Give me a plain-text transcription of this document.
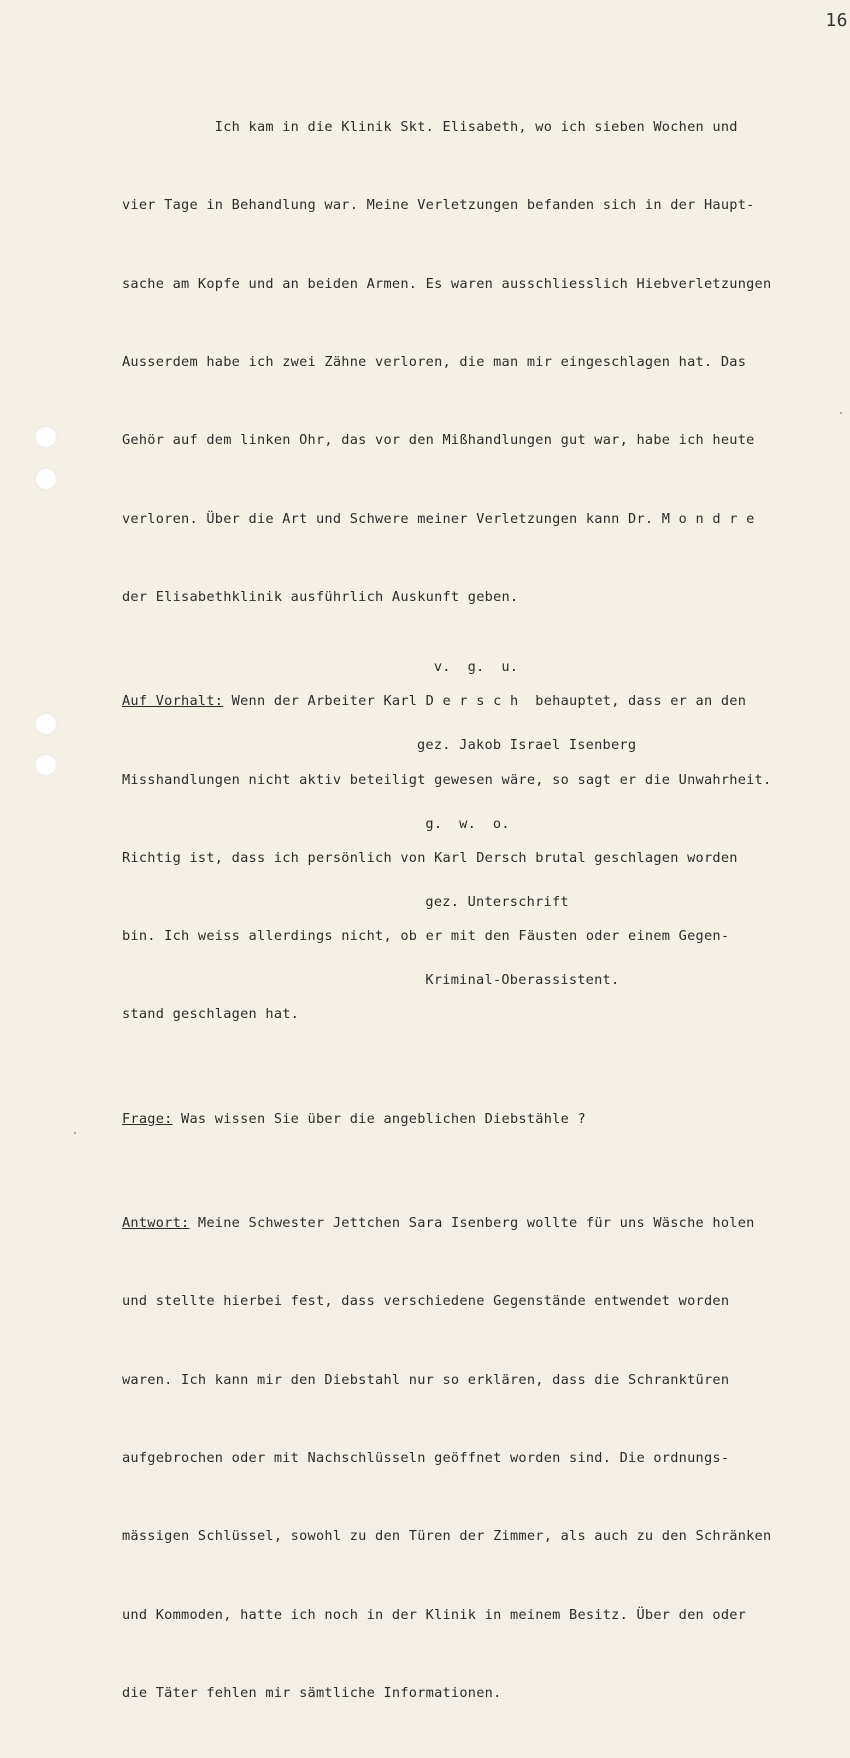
16

Ich kam in die Klinik Skt. Elisabeth, wo ich sieben Wochen und

vier Tage in Behandlung war. Meine Verletzungen befanden sich in der Haupt-

sache am Kopfe und an beiden Armen. Es waren ausschliesslich Hiebverletzungen

Ausserdem habe ich zwei Zähne verloren, die man mir eingeschlagen hat. Das

Gehör auf dem linken Ohr, das vor den Mißhandlungen gut war, habe ich heute

verloren. Über die Art und Schwere meiner Verletzungen kann Dr. M o n d r e

der Elisabethklinik ausführlich Auskunft geben.

Auf Vorhalt: Wenn der Arbeiter Karl D e r s c h  behauptet, dass er an den

Misshandlungen nicht aktiv beteiligt gewesen wäre, so sagt er die Unwahrheit.

Richtig ist, dass ich persönlich von Karl Dersch brutal geschlagen worden

bin. Ich weiss allerdings nicht, ob er mit den Fäusten oder einem Gegen-

stand geschlagen hat.

Frage: Was wissen Sie über die angeblichen Diebstähle ?

Antwort: Meine Schwester Jettchen Sara Isenberg wollte für uns Wäsche holen

und stellte hierbei fest, dass verschiedene Gegenstände entwendet worden

waren. Ich kann mir den Diebstahl nur so erklären, dass die Schranktüren

aufgebrochen oder mit Nachschlüsseln geöffnet worden sind. Die ordnungs-

mässigen Schlüssel, sowohl zu den Türen der Zimmer, als auch zu den Schränken

und Kommoden, hatte ich noch in der Klinik in meinem Besitz. Über den oder

die Täter fehlen mir sämtliche Informationen.

v.  g.  u.

gez. Jakob Israel Isenberg

g.  w.  o.

gez. Unterschrift

Kriminal-Oberassistent.
